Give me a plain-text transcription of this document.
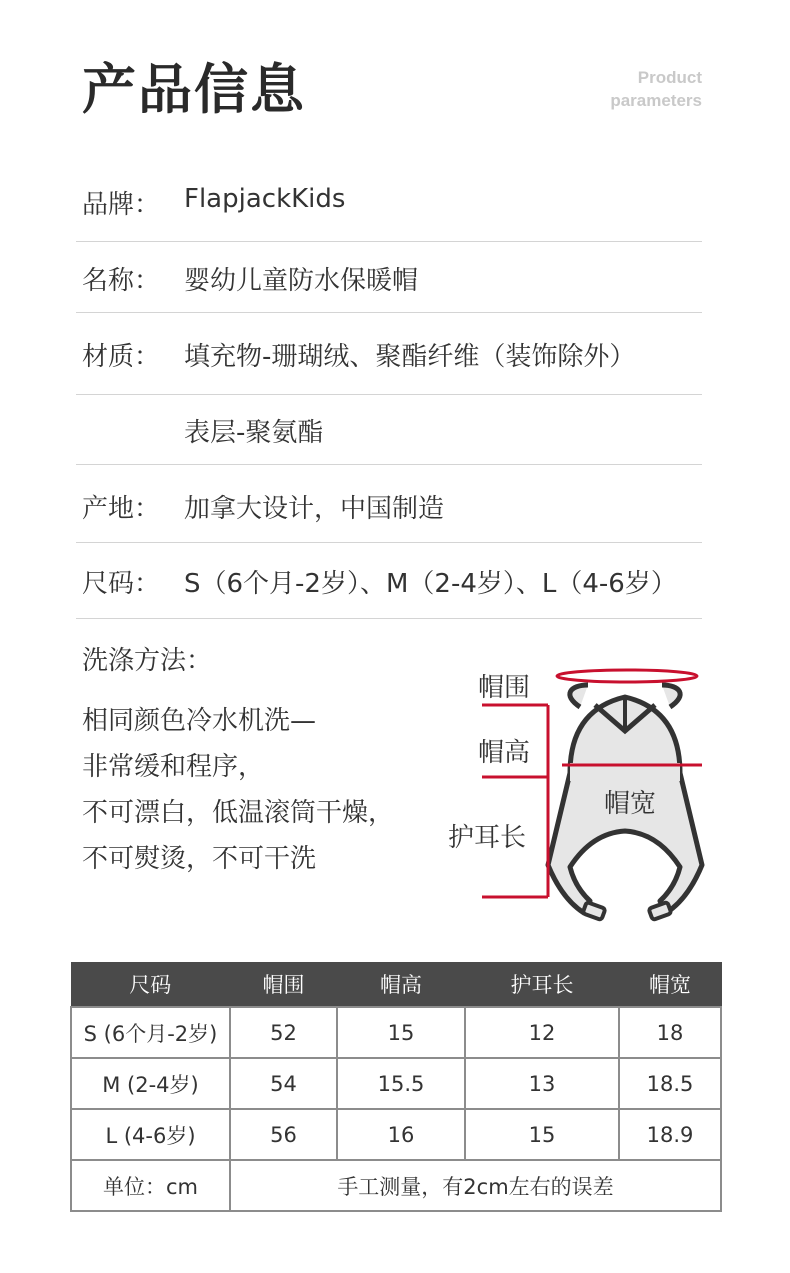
产品信息	Product
parameters
品牌： FlapjackKids
名称： 婴幼儿童防水保暖帽
材质： 填充物-珊瑚绒、聚酯纤维（装饰除外）
表层-聚氨酯
产地： 加拿大设计，中国制造
尺码： S（6个月-2岁）、M（2-4岁）、L（4-6岁）
洗涤方法：
相同颜色冷水机洗—
非常缓和程序，
不可漂白，低温滚筒干燥，
不可熨烫，不可干洗
帽围
帽高
帽宽
护耳长
尺码	帽围	帽高	护耳长	帽宽
S (6个月-2岁)	52	15	12	18
M (2-4岁)	54	15.5	13	18.5
L (4-6岁)	56	16	15	18.9
单位：cm	手工测量，有2cm左右的误差			
